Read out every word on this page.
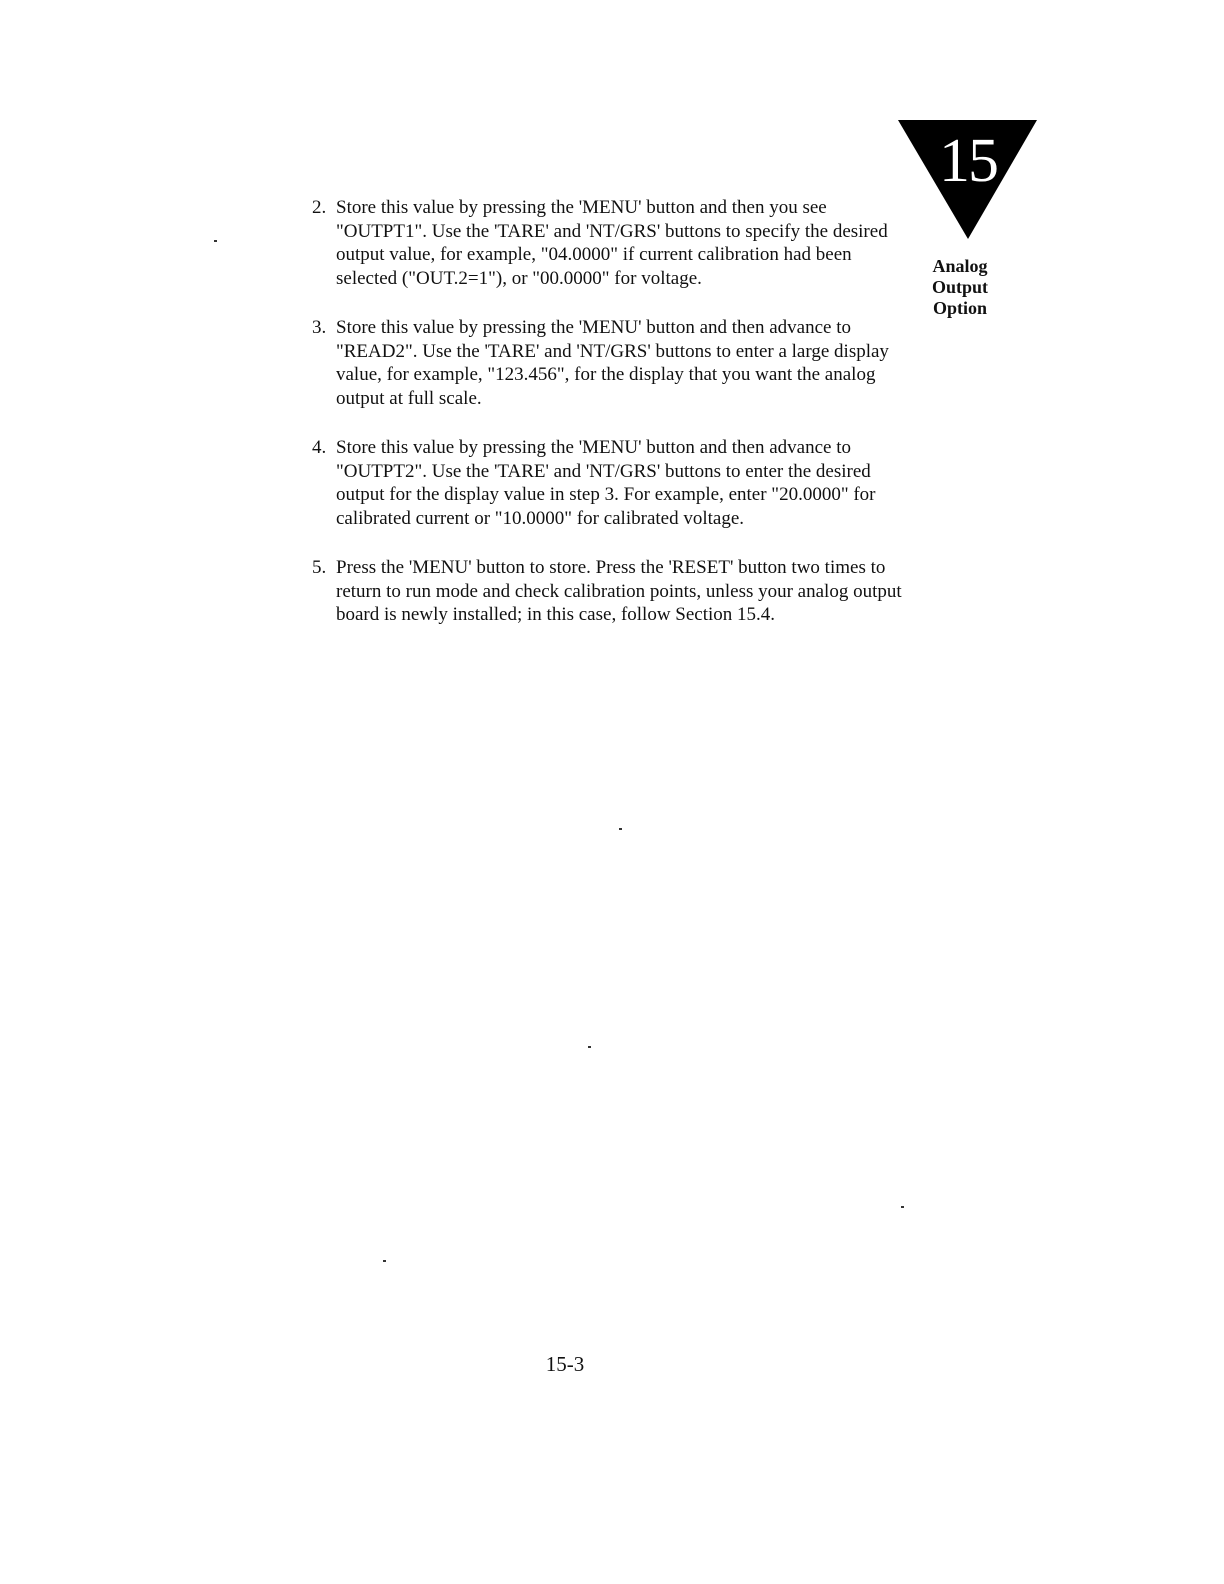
15
Analog
Output
Option
2. Store this value by pressing the 'MENU' button and then you see "OUTPT1". Use the 'TARE' and 'NT/GRS' buttons to specify the desired output value, for example, "04.0000" if current calibration had been selected ("OUT.2=1"), or "00.0000" for voltage.
3. Store this value by pressing the 'MENU' button and then advance to "READ2". Use the 'TARE' and 'NT/GRS' buttons to enter a large display value, for example, "123.456", for the display that you want the analog output at full scale.
4. Store this value by pressing the 'MENU' button and then advance to "OUTPT2". Use the 'TARE' and 'NT/GRS' buttons to enter the desired output for the display value in step 3. For example, enter "20.0000" for calibrated current or "10.0000" for calibrated voltage.
5. Press the 'MENU' button to store. Press the 'RESET' button two times to return to run mode and check calibration points, unless your analog output board is newly installed; in this case, follow Section 15.4.
15-3
